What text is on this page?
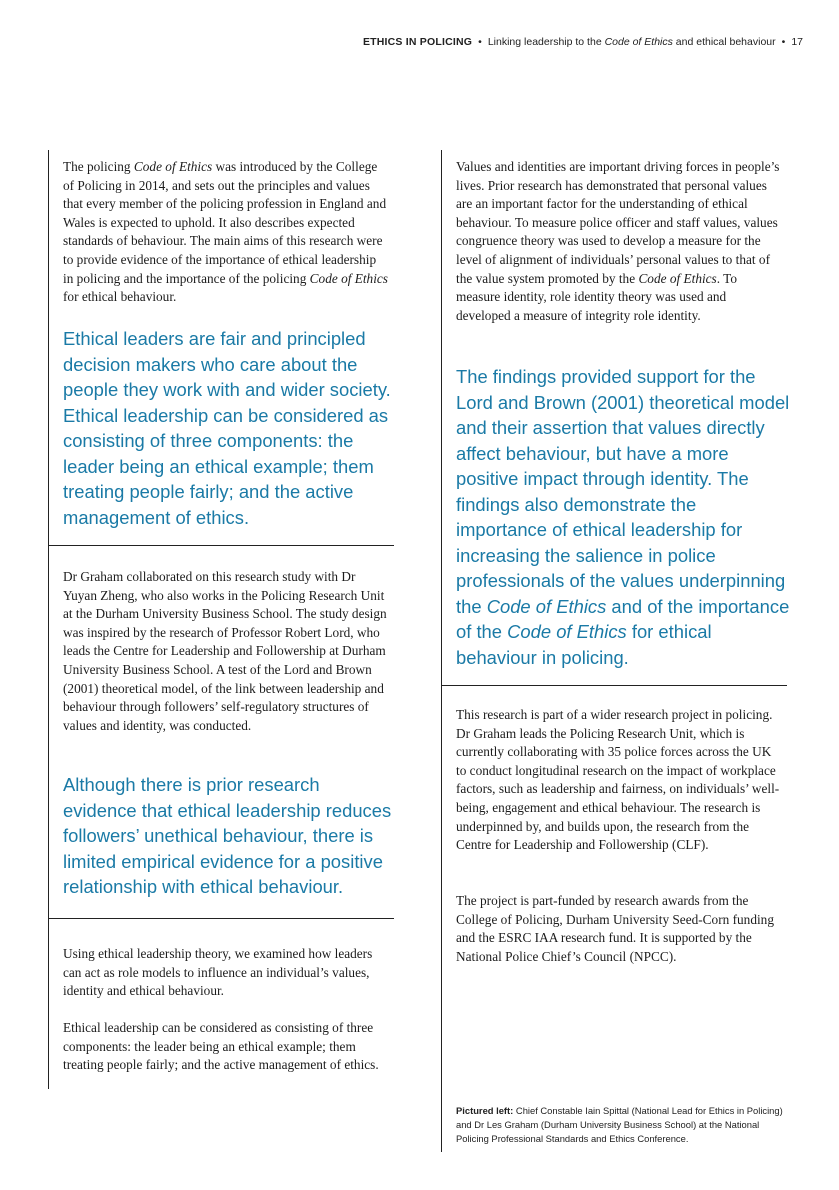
ETHICS IN POLICING • Linking leadership to the Code of Ethics and ethical behaviour • 17

The policing Code of Ethics was introduced by the College of Policing in 2014, and sets out the principles and values that every member of the policing profession in England and Wales is expected to uphold. It also describes expected standards of behaviour. The main aims of this research were to provide evidence of the importance of ethical leadership in policing and the importance of the policing Code of Ethics for ethical behaviour.

Ethical leaders are fair and principled decision makers who care about the people they work with and wider society. Ethical leadership can be considered as consisting of three components: the leader being an ethical example; them treating people fairly; and the active management of ethics.

Dr Graham collaborated on this research study with Dr Yuyan Zheng, who also works in the Policing Research Unit at the Durham University Business School. The study design was inspired by the research of Professor Robert Lord, who leads the Centre for Leadership and Followership at Durham University Business School. A test of the Lord and Brown (2001) theoretical model, of the link between leadership and behaviour through followers’ self-regulatory structures of values and identity, was conducted.

Although there is prior research evidence that ethical leadership reduces followers’ unethical behaviour, there is limited empirical evidence for a positive relationship with ethical behaviour.

Using ethical leadership theory, we examined how leaders can act as role models to influence an individual’s values, identity and ethical behaviour.

Ethical leadership can be considered as consisting of three components: the leader being an ethical example; them treating people fairly; and the active management of ethics.

Values and identities are important driving forces in people’s lives. Prior research has demonstrated that personal values are an important factor for the understanding of ethical behaviour. To measure police officer and staff values, values congruence theory was used to develop a measure for the level of alignment of individuals’ personal values to that of the value system promoted by the Code of Ethics. To measure identity, role identity theory was used and developed a measure of integrity role identity.

The findings provided support for the Lord and Brown (2001) theoretical model and their assertion that values directly affect behaviour, but have a more positive impact through identity. The findings also demonstrate the importance of ethical leadership for increasing the salience in police professionals of the values underpinning the Code of Ethics and of the importance of the Code of Ethics for ethical behaviour in policing.

This research is part of a wider research project in policing. Dr Graham leads the Policing Research Unit, which is currently collaborating with 35 police forces across the UK to conduct longitudinal research on the impact of workplace factors, such as leadership and fairness, on individuals’ well-being, engagement and ethical behaviour. The research is underpinned by, and builds upon, the research from the Centre for Leadership and Followership (CLF).

The project is part-funded by research awards from the College of Policing, Durham University Seed-Corn funding and the ESRC IAA research fund. It is supported by the National Police Chief’s Council (NPCC).

Pictured left: Chief Constable Iain Spittal (National Lead for Ethics in Policing) and Dr Les Graham (Durham University Business School) at the National Policing Professional Standards and Ethics Conference.
